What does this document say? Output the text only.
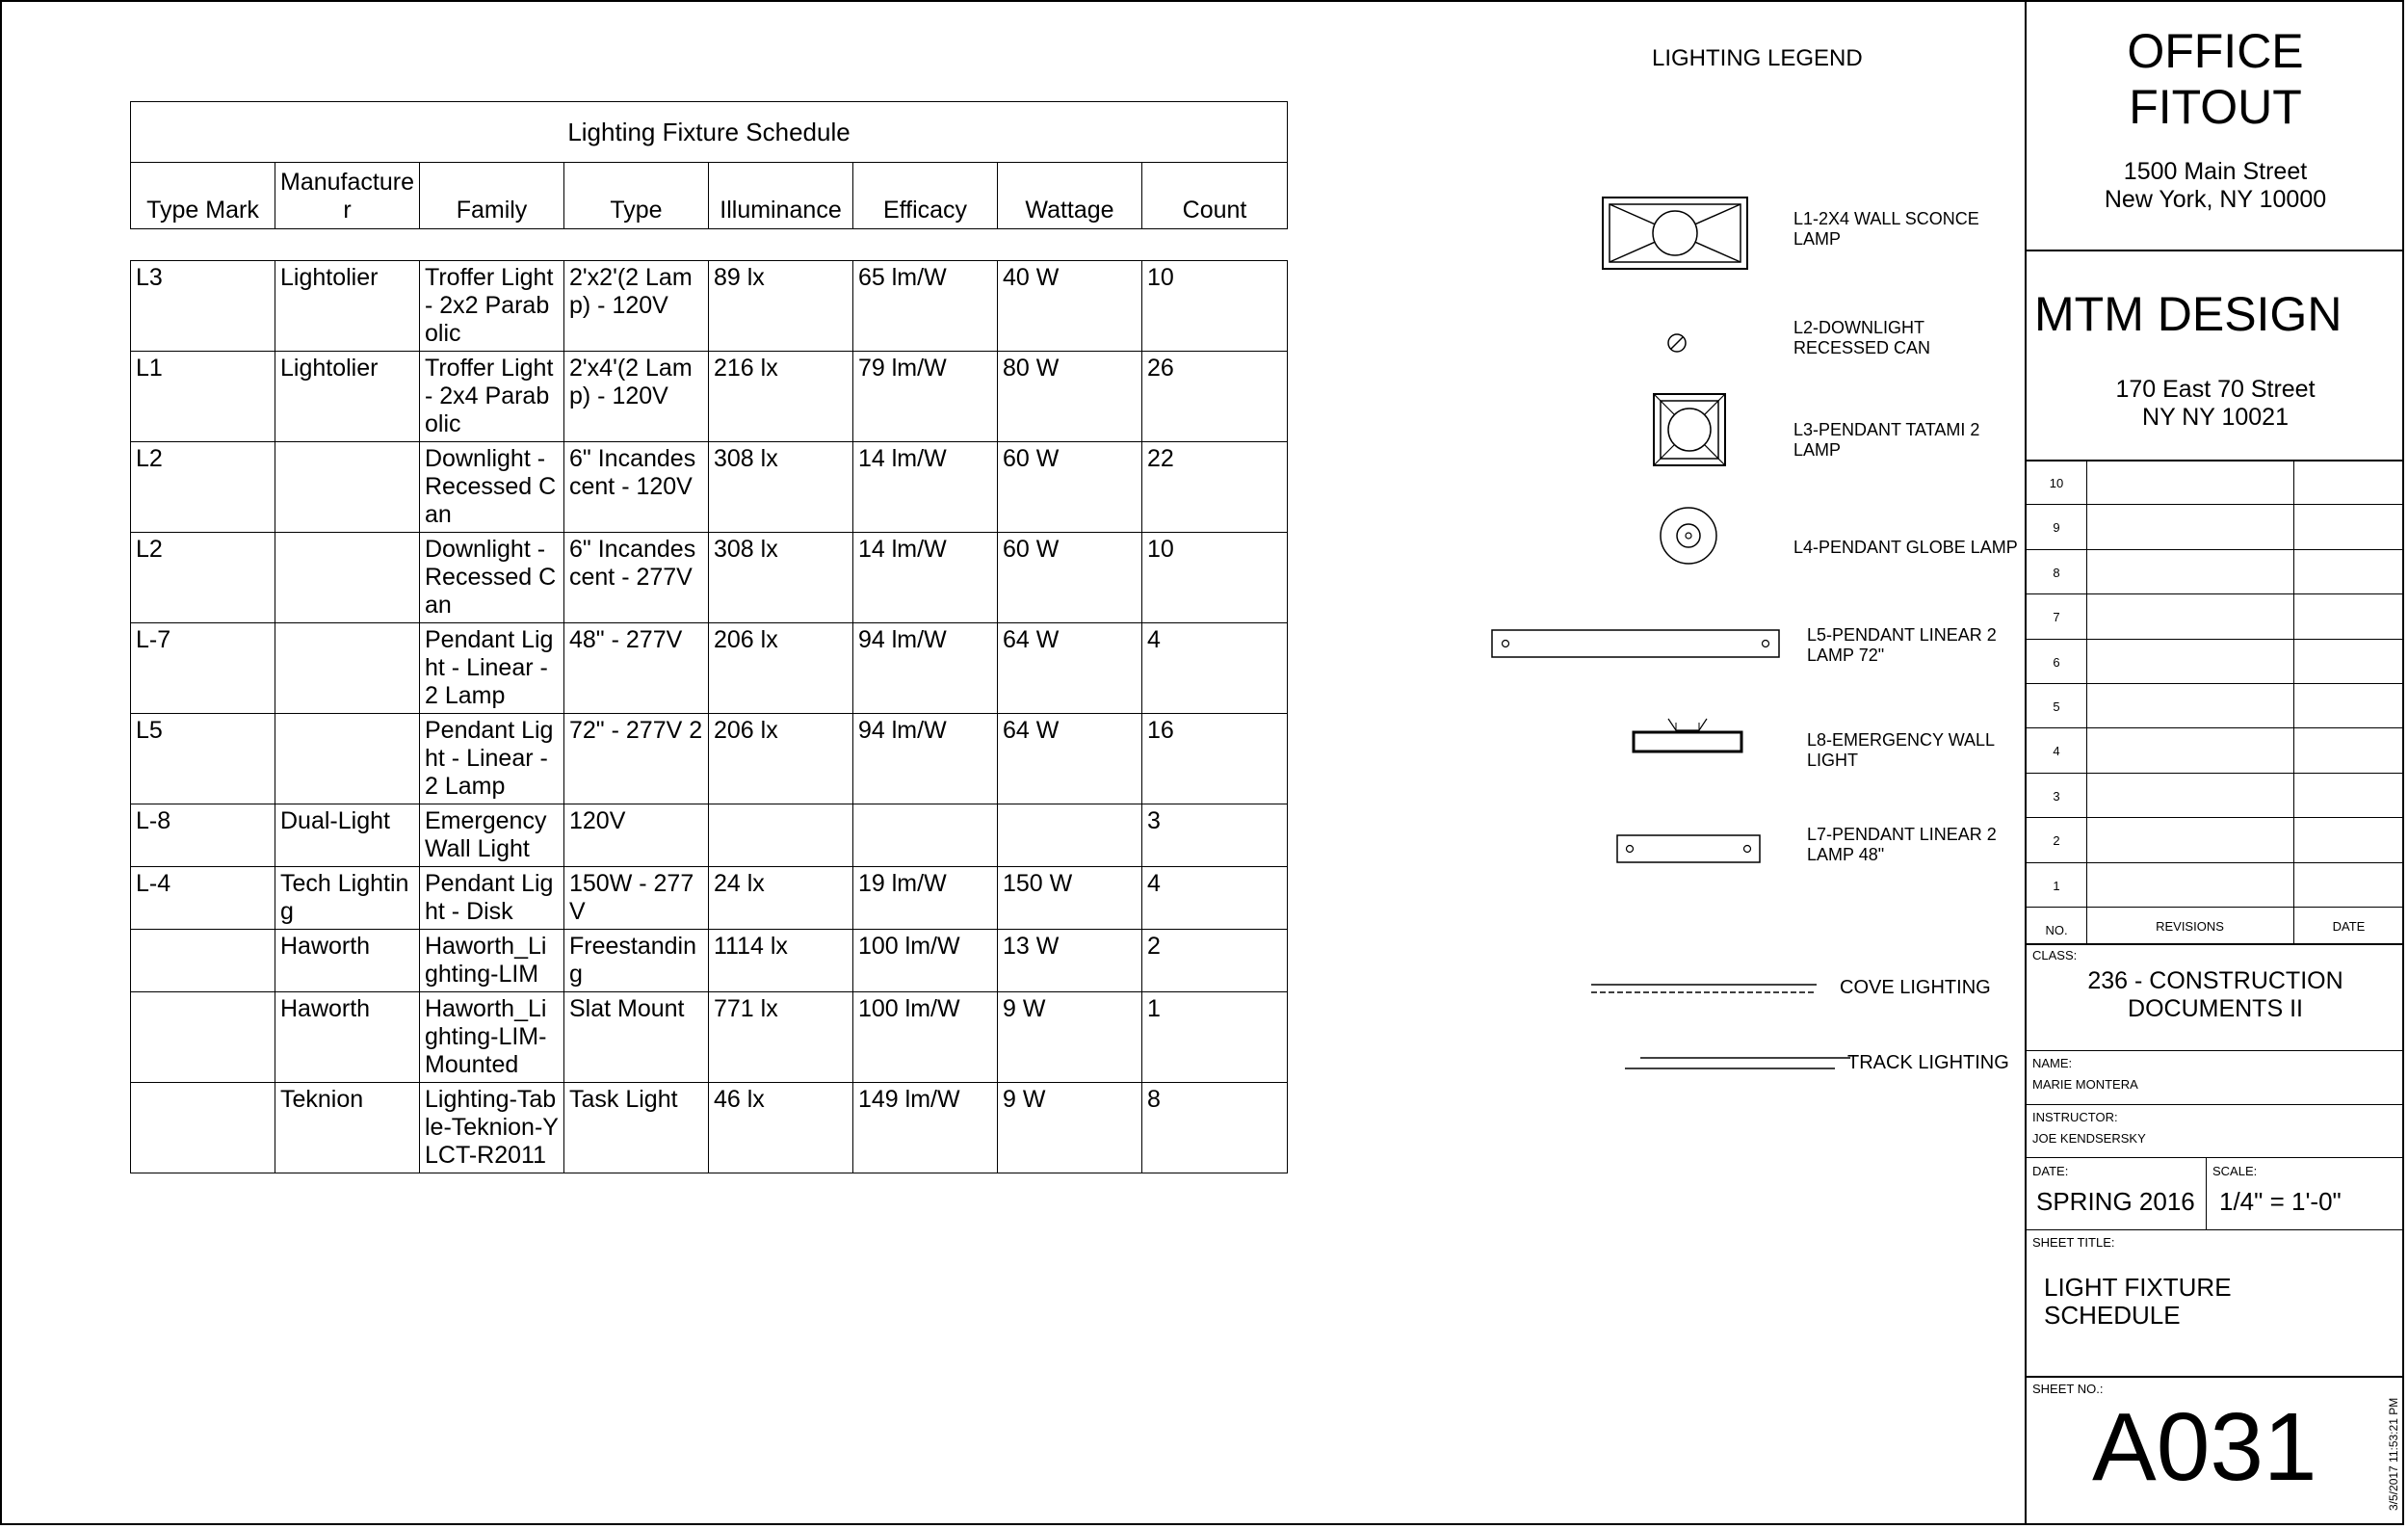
Lighting Fixture Schedule							
Type Mark	Manufacturer	Family	Type	Illuminance	Efficacy	Wattage	Count

L3	Lightolier	Troffer Light - 2x2 Parabolic	2'x2'(2 Lamp) - 120V	89 lx	65 lm/W	40 W	10
L1	Lightolier	Troffer Light - 2x4 Parabolic	2'x4'(2 Lamp) - 120V	216 lx	79 lm/W	80 W	26
L2		Downlight - Recessed Can	6" Incandescent - 120V	308 lx	14 lm/W	60 W	22
L2		Downlight - Recessed Can	6" Incandescent - 277V	308 lx	14 lm/W	60 W	10
L-7		Pendant Light - Linear - 2 Lamp	48" - 277V	206 lx	94 lm/W	64 W	4
L5		Pendant Light - Linear - 2 Lamp	72" - 277V 2	206 lx	94 lm/W	64 W	16
L-8	Dual-Light	Emergency Wall Light	120V				3
L-4	Tech Lighting	Pendant Light - Disk	150W - 277V	24 lx	19 lm/W	150 W	4
	Haworth	Haworth_Lighting-LIM	Freestanding	1114 lx	100 lm/W	13 W	2
	Haworth	Haworth_Lighting-LIM-Mounted	Slat Mount	771 lx	100 lm/W	9 W	1
	Teknion	Lighting-Table-Teknion-YLCT-R2011	Task Light	46 lx	149 lm/W	9 W	8
LIGHTING LEGEND
L1-2X4 WALL SCONCE LAMP
L2-DOWNLIGHT RECESSED CAN
L3-PENDANT TATAMI 2 LAMP
L4-PENDANT GLOBE LAMP
L5-PENDANT LINEAR 2 LAMP 72"
L8-EMERGENCY WALL LIGHT
L7-PENDANT LINEAR 2 LAMP 48"
COVE LIGHTING
TRACK LIGHTING
OFFICE
FITOUT
1500 Main Street
New York, NY 10000
MTM DESIGN
170 East 70 Street
NY NY 10021
10
9
8
7
6
5
4
3
2
1
NO.	REVISIONS	DATE
CLASS:
236 - CONSTRUCTION
DOCUMENTS II
NAME:
MARIE MONTERA
INSTRUCTOR:
JOE KENDSERSKY
DATE:
SPRING 2016
SCALE:
1/4" = 1'-0"
SHEET TITLE:
LIGHT FIXTURE
SCHEDULE
SHEET NO.:
A031	3/5/2017 11:53:21 PM
